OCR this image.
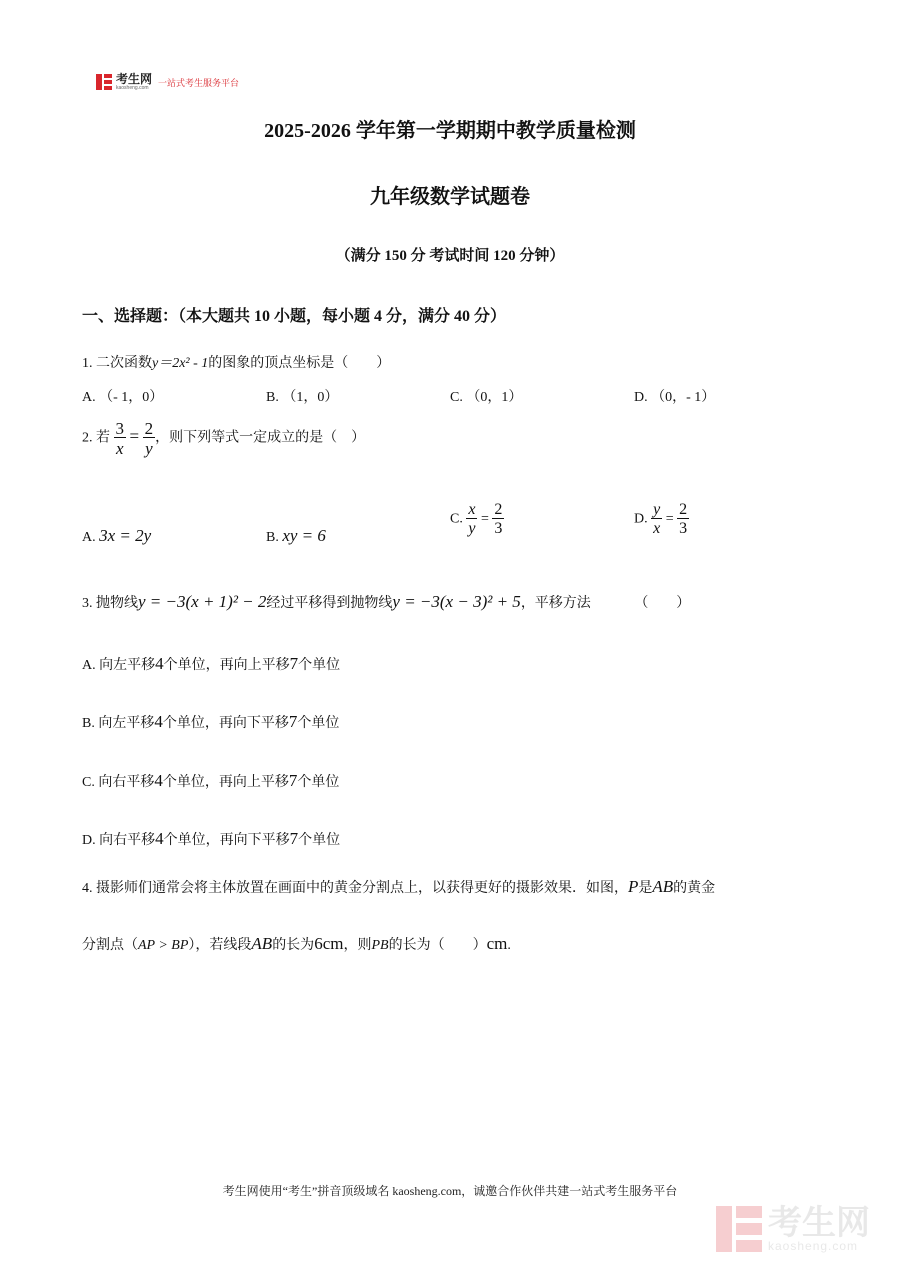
考生网
kaosheng.com
一站式考生服务平台
2025-2026 学年第一学期期中教学质量检测
九年级数学试题卷
（满分 150 分 考试时间 120 分钟）
一、选择题：（本大题共 10 小题，每小题 4 分，满分 40 分）
1. 二次函数y＝2x² - 1的图象的顶点坐标是（　　）
A. （- 1，0）	B. （1，0）	C. （0，1）	D. （0，- 1）
2. 若 $\frac{3}{x} = \frac{2}{y}$ ，则下列等式一定成立的是（　）
A. 3x = 2y	B. xy = 6
C. $\frac{x}{y} = \frac{2}{3}$	D. $\frac{y}{x} = \frac{2}{3}$
3. 抛物线y = −3(x + 1)² − 2经过平移得到抛物线y = −3(x − 3)² + 5，平移方法	（　　）
A. 向左平移4个单位，再向上平移7个单位
B. 向左平移4个单位，再向下平移7个单位
C. 向右平移4个单位，再向上平移7个单位
D. 向右平移4个单位，再向下平移7个单位
4. 摄影师们通常会将主体放置在画面中的黄金分割点上，以获得更好的摄影效果．如图，P是AB的黄金
分割点（AP > BP），若线段AB的长为6cm，则PB的长为（　　）cm.
考生网使用“考生”拼音顶级域名 kaosheng.com，诚邀合作伙伴共建一站式考生服务平台
考生网
kaosheng.com
